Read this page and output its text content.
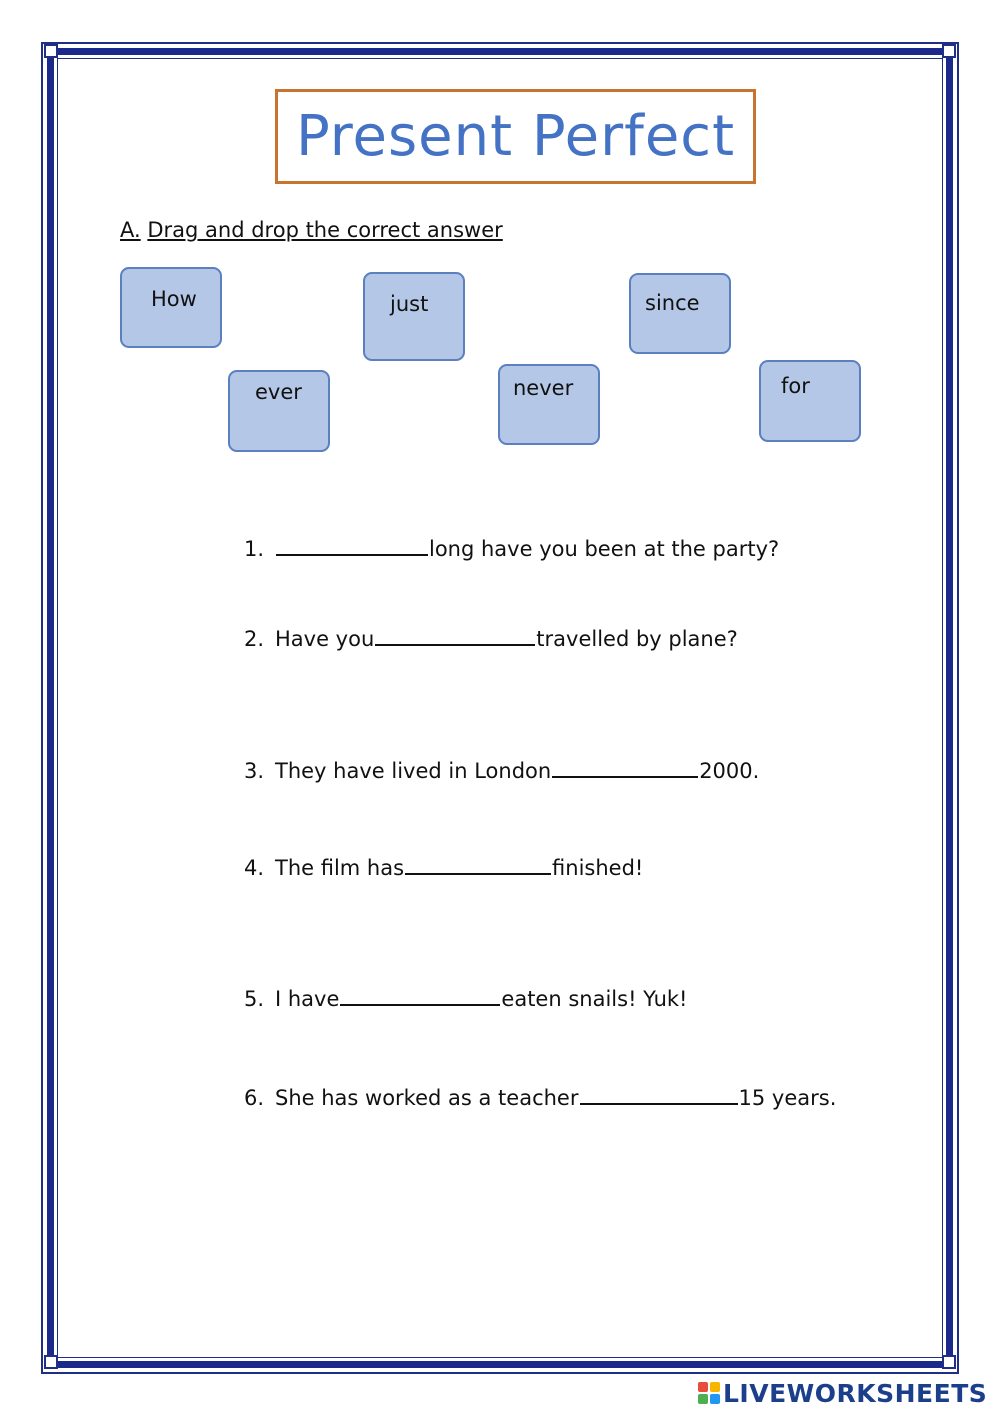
Present Perfect
A. Drag and drop the correct answer
How	just	since
ever	never	for
1.	long have you been at the party?
2. Have you	travelled by plane?
3. They have lived in London	2000.
4. The film has	finished!
5. I have	eaten snails! Yuk!
6. She has worked as a teacher	15 years.
LIVEWORKSHEETS
